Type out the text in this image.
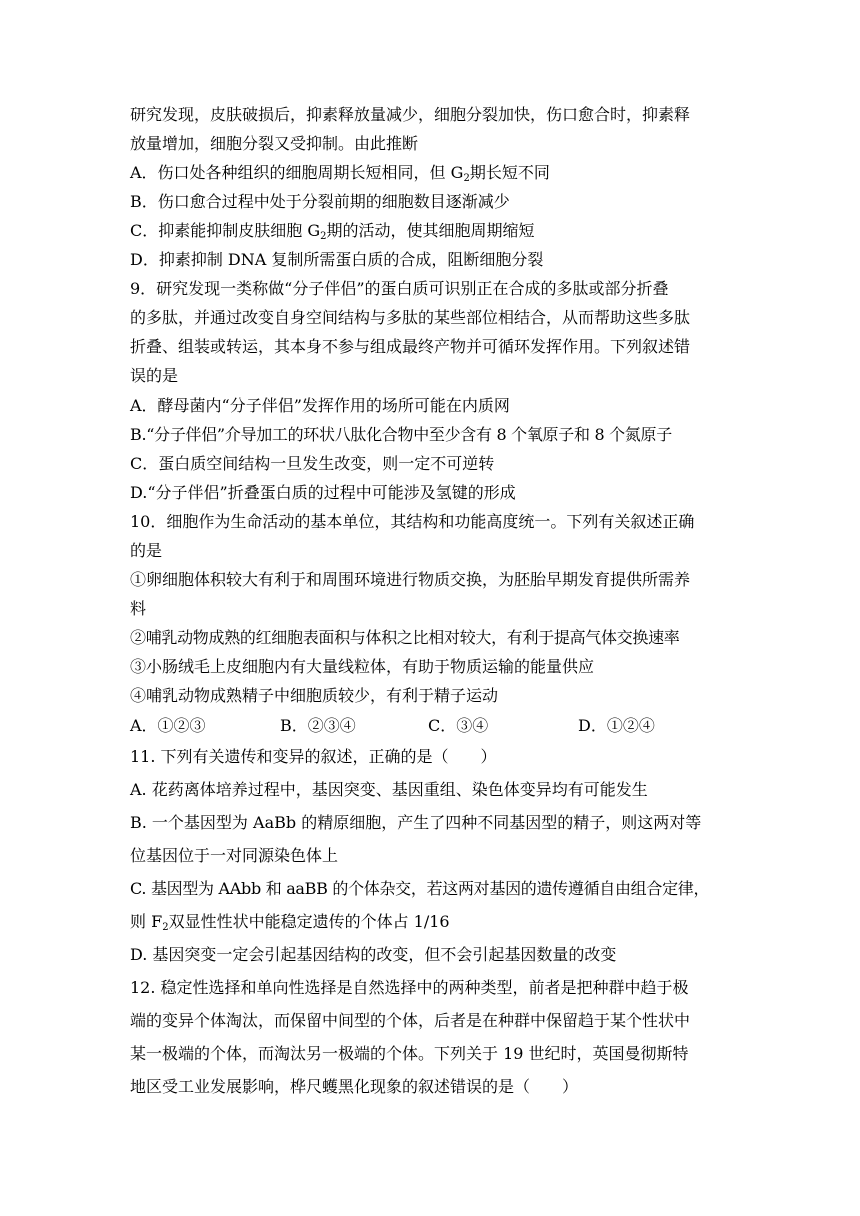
研究发现，皮肤破损后，抑素释放量减少，细胞分裂加快，伤口愈合时，抑素释
放量增加，细胞分裂又受抑制。由此推断
A．伤口处各种组织的细胞周期长短相同，但 $G_2$期长短不同
B．伤口愈合过程中处于分裂前期的细胞数目逐渐减少
C．抑素能抑制皮肤细胞 $G_2$期的活动，使其细胞周期缩短
D．抑素抑制 DNA 复制所需蛋白质的合成，阻断细胞分裂
9．研究发现一类称做“分子伴侣”的蛋白质可识别正在合成的多肽或部分折叠
的多肽，并通过改变自身空间结构与多肽的某些部位相结合，从而帮助这些多肽
折叠、组装或转运，其本身不参与组成最终产物并可循环发挥作用。下列叙述错
误的是
A．酵母菌内“分子伴侣”发挥作用的场所可能在内质网
B.“分子伴侣”介导加工的环状八肽化合物中至少含有 8 个氧原子和 8 个氮原子
C．蛋白质空间结构一旦发生改变，则一定不可逆转
D.“分子伴侣”折叠蛋白质的过程中可能涉及氢键的形成
10．细胞作为生命活动的基本单位，其结构和功能高度统一。下列有关叙述正确
的是
①卵细胞体积较大有利于和周围环境进行物质交换，为胚胎早期发育提供所需养
料
②哺乳动物成熟的红细胞表面积与体积之比相对较大，有利于提高气体交换速率
③小肠绒毛上皮细胞内有大量线粒体，有助于物质运输的能量供应
④哺乳动物成熟精子中细胞质较少，有利于精子运动
A．①②③	B．②③④	C．③④	D．①②④
11. 下列有关遗传和变异的叙述，正确的是（　　）
A. 花药离体培养过程中，基因突变、基因重组、染色体变异均有可能发生
B. 一个基因型为 AaBb 的精原细胞，产生了四种不同基因型的精子，则这两对等
位基因位于一对同源染色体上
C. 基因型为 AAbb 和 aaBB 的个体杂交，若这两对基因的遗传遵循自由组合定律，
则 $F_2$双显性性状中能稳定遗传的个体占 1/16
D. 基因突变一定会引起基因结构的改变，但不会引起基因数量的改变
12. 稳定性选择和单向性选择是自然选择中的两种类型，前者是把种群中趋于极
端的变异个体淘汰，而保留中间型的个体，后者是在种群中保留趋于某个性状中
某一极端的个体，而淘汰另一极端的个体。下列关于 19 世纪时，英国曼彻斯特
地区受工业发展影响，桦尺蠖黑化现象的叙述错误的是（　　）
